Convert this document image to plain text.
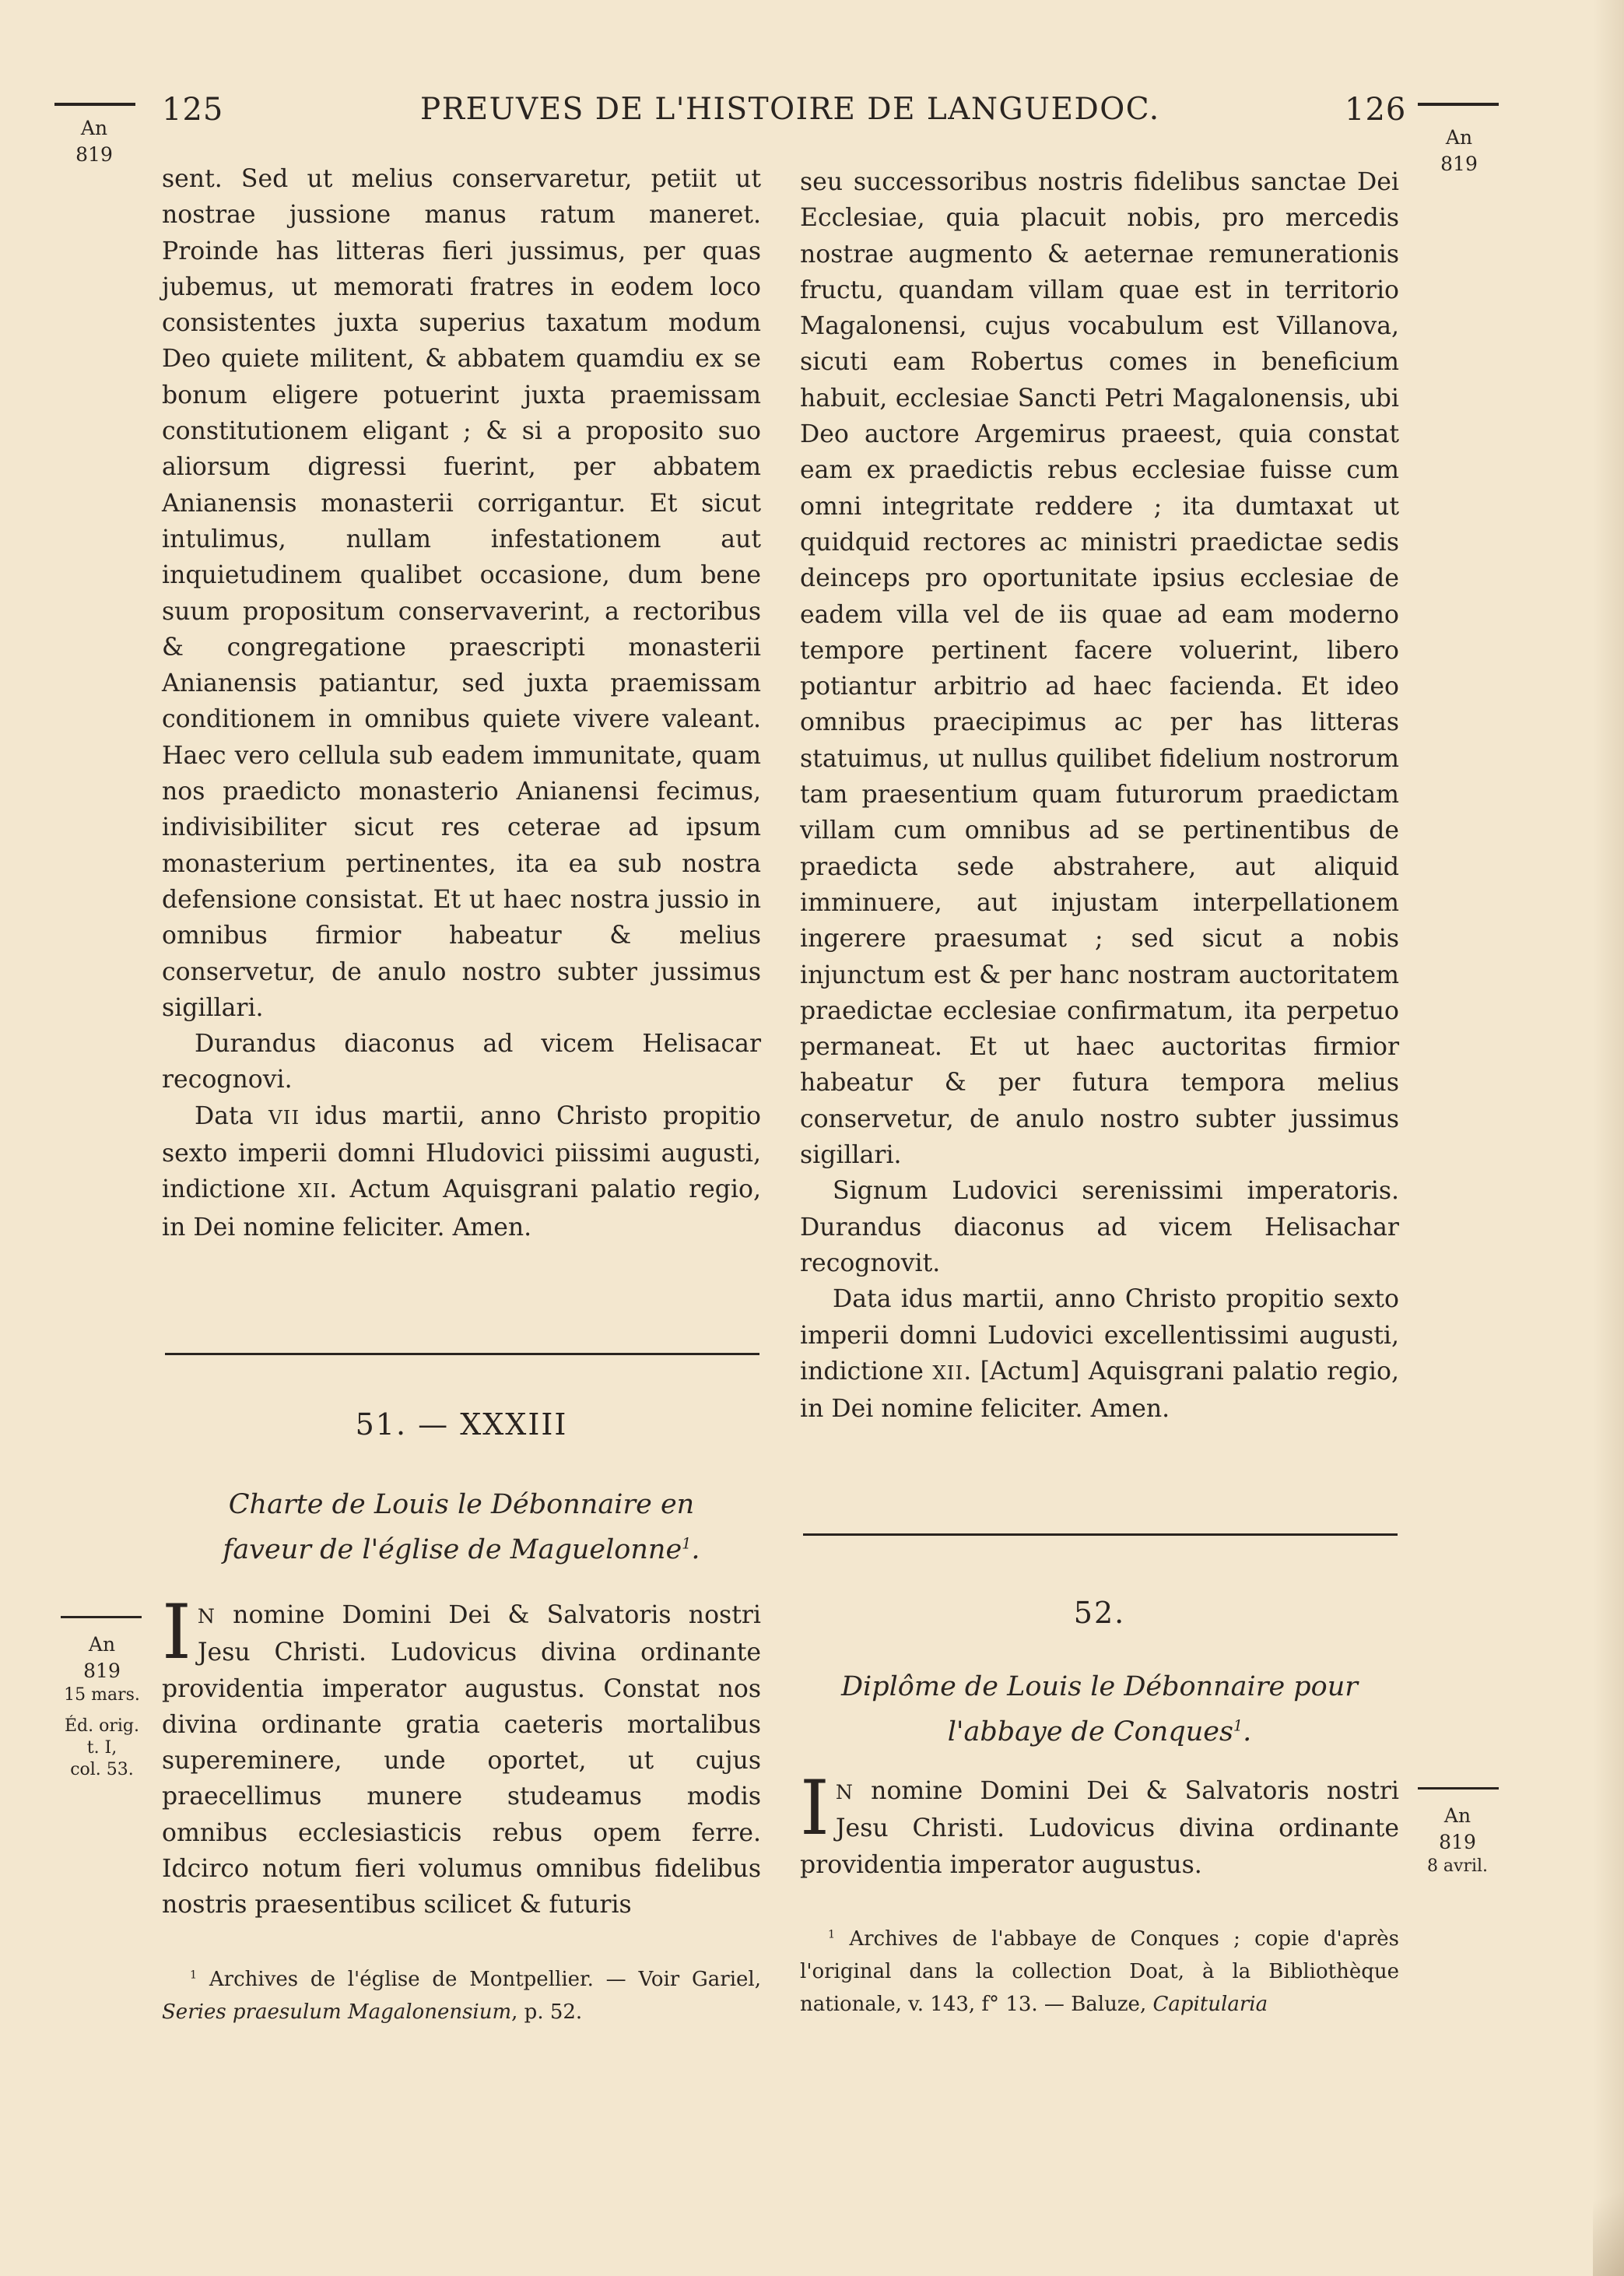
125	PREUVES DE L'HISTOIRE DE LANGUEDOC.	126
An
819
An
819

sent. Sed ut melius conservaretur, petiit ut nostrae jussione manus ratum maneret. Proinde has litteras fieri jussimus, per quas jubemus, ut memorati fratres in eodem loco consistentes juxta superius taxatum modum Deo quiete militent, & abbatem quamdiu ex se bonum eligere potuerint juxta praemissam constitutionem eligant ; & si a proposito suo aliorsum digressi fuerint, per abbatem Anianensis monasterii corrigantur. Et sicut intulimus, nullam infestationem aut inquietudinem qualibet occasione, dum bene suum propositum conservaverint, a rectoribus & congregatione praescripti monasterii Anianensis patiantur, sed juxta praemissam conditionem in omnibus quiete vivere valeant. Haec vero cellula sub eadem immunitate, quam nos praedicto monasterio Anianensi fecimus, indivisibiliter sicut res ceterae ad ipsum monasterium pertinentes, ita ea sub nostra defensione consistat. Et ut haec nostra jussio in omnibus firmior habeatur & melius conservetur, de anulo nostro subter jussimus sigillari.

Durandus diaconus ad vicem Helisacar recognovi.

Data VII idus martii, anno Christo propitio sexto imperii domni Hludovici piissimi augusti, indictione XII. Actum Aquisgrani palatio regio, in Dei nomine feliciter. Amen.

51. — XXXIII
Charte de Louis le Débonnaire en
faveur de l'église de Maguelonne$^1$.
An
819
15 mars.
Éd. orig.
t. I,
col. 53.
I N nomine Domini Dei & Salvatoris nostri Jesu Christi. Ludovicus divina ordinante providentia imperator augustus. Constat nos divina ordinante gratia caeteris mortalibus supereminere, unde oportet, ut cujus praecellimus munere studeamus modis omnibus ecclesiasticis rebus opem ferre. Idcirco notum fieri volumus omnibus fidelibus nostris praesentibus scilicet & futuris
$^1$ Archives de l'église de Montpellier. — Voir Gariel, Series praesulum Magalonensium, p. 52.

seu successoribus nostris fidelibus sanctae Dei Ecclesiae, quia placuit nobis, pro mercedis nostrae augmento & aeternae remunerationis fructu, quandam villam quae est in territorio Magalonensi, cujus vocabulum est Villanova, sicuti eam Robertus comes in beneficium habuit, ecclesiae Sancti Petri Magalonensis, ubi Deo auctore Argemirus praeest, quia constat eam ex praedictis rebus ecclesiae fuisse cum omni integritate reddere ; ita dumtaxat ut quidquid rectores ac ministri praedictae sedis deinceps pro oportunitate ipsius ecclesiae de eadem villa vel de iis quae ad eam moderno tempore pertinent facere voluerint, libero potiantur arbitrio ad haec facienda. Et ideo omnibus praecipimus ac per has litteras statuimus, ut nullus quilibet fidelium nostrorum tam praesentium quam futurorum praedictam villam cum omnibus ad se pertinentibus de praedicta sede abstrahere, aut aliquid imminuere, aut injustam interpellationem ingerere praesumat ; sed sicut a nobis injunctum est & per hanc nostram auctoritatem praedictae ecclesiae confirmatum, ita perpetuo permaneat. Et ut haec auctoritas firmior habeatur & per futura tempora melius conservetur, de anulo nostro subter jussimus sigillari.

Signum Ludovici serenissimi imperatoris. Durandus diaconus ad vicem Helisachar recognovit.

Data idus martii, anno Christo propitio sexto imperii domni Ludovici excellentissimi augusti, indictione XII. [Actum] Aquisgrani palatio regio, in Dei nomine feliciter. Amen.

52.
Diplôme de Louis le Débonnaire pour
l'abbaye de Conques$^1$.
An
819
8 avril.
I N nomine Domini Dei & Salvatoris nostri Jesu Christi. Ludovicus divina ordinante providentia imperator augustus.
$^1$ Archives de l'abbaye de Conques ; copie d'après l'original dans la collection Doat, à la Bibliothèque nationale, v. 143, f° 13. — Baluze, Capitularia
